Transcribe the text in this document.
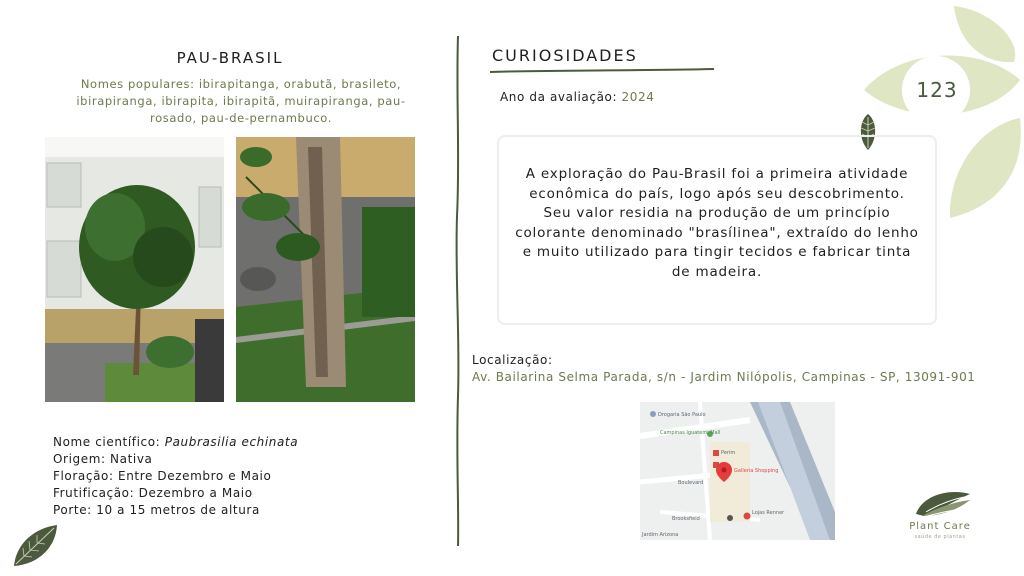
123
PAU-BRASIL
Nomes populares: ibirapitanga, orabutã, brasileto, ibirapiranga, ibirapita, ibirapitã, muirapiranga, pau-rosado, pau-de-pernambuco.
Nome científico: Paubrasilia echinata
Origem: Nativa
Floração: Entre Dezembro e Maio
Frutificação: Dezembro a Maio
Porte: 10 a 15 metros de altura
CURIOSIDADES
Ano da avaliação: 2024
A exploração do Pau-Brasil foi a primeira atividade econômica do país, logo após seu descobrimento. Seu valor residia na produção de um princípio colorante denominado "brasílinea", extraído do lenho e muito utilizado para tingir tecidos e fabricar tinta de madeira.
Localização:
Av. Bailarina Selma Parada, s/n - Jardim Nilópolis, Campinas - SP, 13091-901
Drogaria São Paulo
Campinas Iguatemi Mall
Perim
Galleria Shopping
Lojas Renner
Brooksfield
Jardim Arizona
Boulevard
Plant Care
saúde de plantas
